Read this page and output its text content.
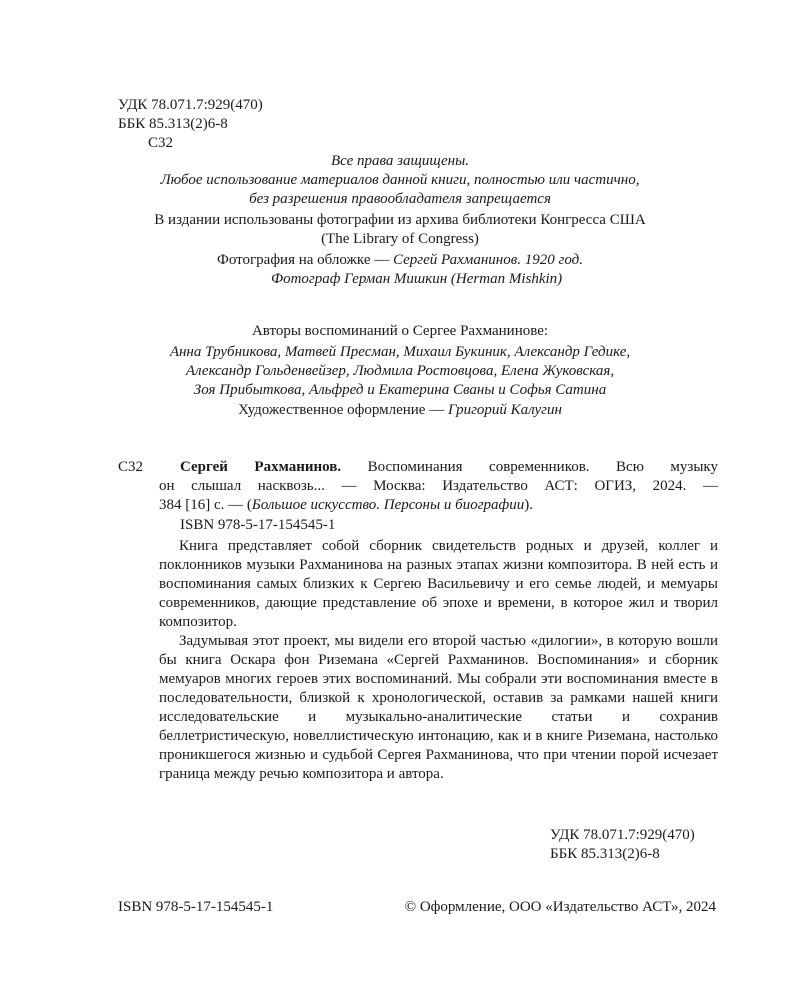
УДК 78.071.7:929(470)
ББК 85.313(2)6-8
С32
Все права защищены.
Любое использование материалов данной книги, полностью или частично,
без разрешения правообладателя запрещается
В издании использованы фотографии из архива библиотеки Конгресса США
(The Library of Congress)
Фотография на обложке — Сергей Рахманинов. 1920 год.
Фотограф Герман Мишкин (Herman Mishkin)
Авторы воспоминаний о Сергее Рахманинове:
Анна Трубникова, Матвей Пресман, Михаил Букиник, Александр Гедике,
Александр Гольденвейзер, Людмила Ростовцова, Елена Жуковская,
Зоя Прибыткова, Альфред и Екатерина Сваны и Софья Сатина
Художественное оформление — Григорий Калугин
С32 Сергей Рахманинов. Воспоминания современников. Всю музыку
он слышал насквозь... — Москва: Издательство АСТ: ОГИЗ, 2024. —
384 [16] с. — (Большое искусство. Персоны и биографии).
ISBN 978-5-17-154545-1

Книга представляет собой сборник свидетельств родных и друзей, коллег и поклонников музыки Рахманинова на разных этапах жизни композитора. В ней есть и воспоминания самых близких к Сергею Васильевичу и его семье людей, и мемуары современников, дающие представление об эпохе и времени, в которое жил и творил композитор.

Задумывая этот проект, мы видели его второй частью «дилогии», в которую вошли бы книга Оскара фон Риземана «Сергей Рахманинов. Воспоминания» и сборник мемуаров многих героев этих воспоминаний. Мы собрали эти воспоминания вместе в последовательности, близкой к хронологической, оставив за рамками нашей книги исследовательские и музыкально-аналитические статьи и сохранив беллетристическую, новеллистическую интонацию, как и в книге Риземана, настолько проникшегося жизнью и судьбой Сергея Рахманинова, что при чтении порой исчезает граница между речью композитора и автора.

УДК 78.071.7:929(470)
ББК 85.313(2)6-8
ISBN 978-5-17-154545-1	© Оформление, ООО «Издательство АСТ», 2024
